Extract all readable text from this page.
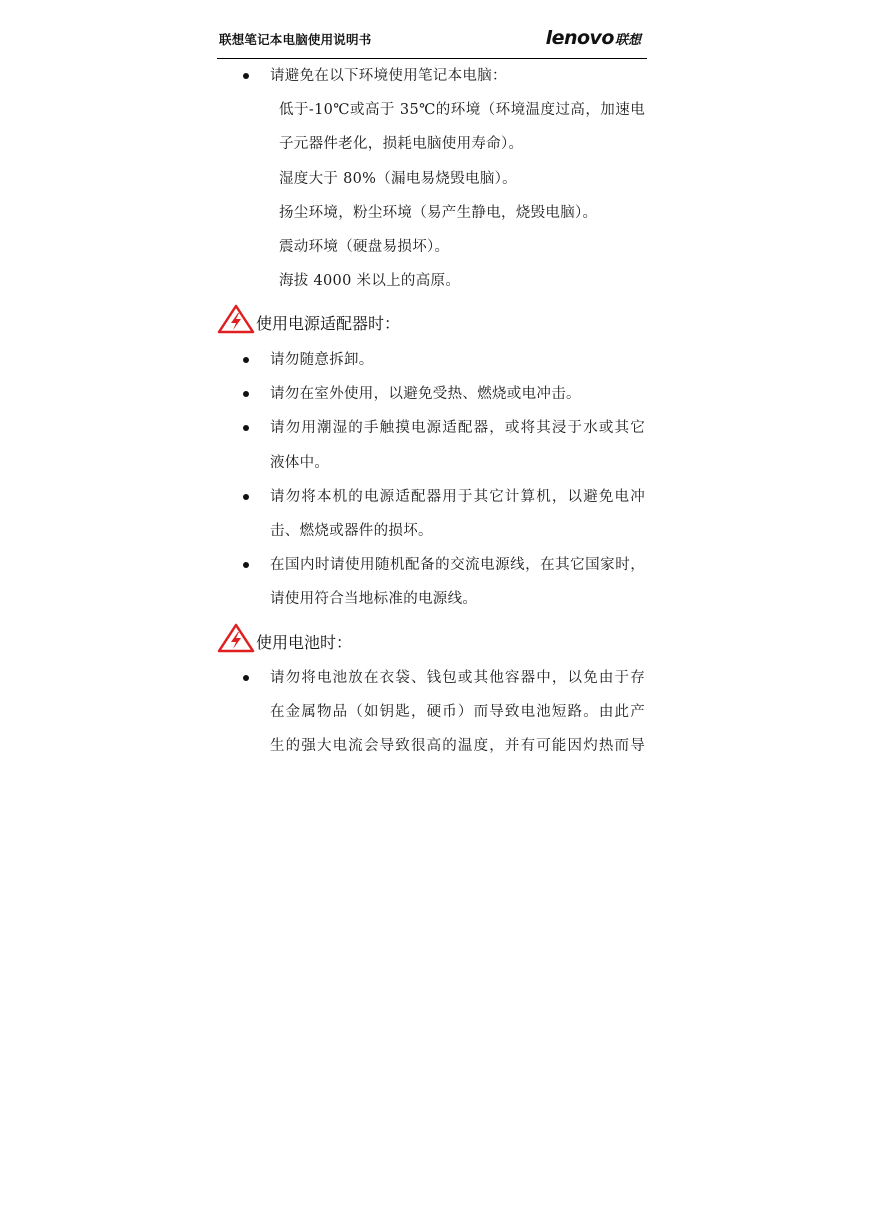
联想笔记本电脑使用说明书	lenovo 联想
请避免在以下环境使用笔记本电脑：
低于-10℃或高于 35℃的环境（环境温度过高，加速电
子元器件老化，损耗电脑使用寿命）。
湿度大于 80%（漏电易烧毁电脑）。
扬尘环境，粉尘环境（易产生静电，烧毁电脑）。
震动环境（硬盘易损坏）。
海拔 4000 米以上的高原。
使用电源适配器时：
请勿随意拆卸。
请勿在室外使用，以避免受热、燃烧或电冲击。
请勿用潮湿的手触摸电源适配器，或将其浸于水或其它
液体中。
请勿将本机的电源适配器用于其它计算机，以避免电冲
击、燃烧或器件的损坏。
在国内时请使用随机配备的交流电源线，在其它国家时，
请使用符合当地标准的电源线。
使用电池时：
请勿将电池放在衣袋、钱包或其他容器中，以免由于存
在金属物品（如钥匙，硬币）而导致电池短路。由此产
生的强大电流会导致很高的温度，并有可能因灼热而导
